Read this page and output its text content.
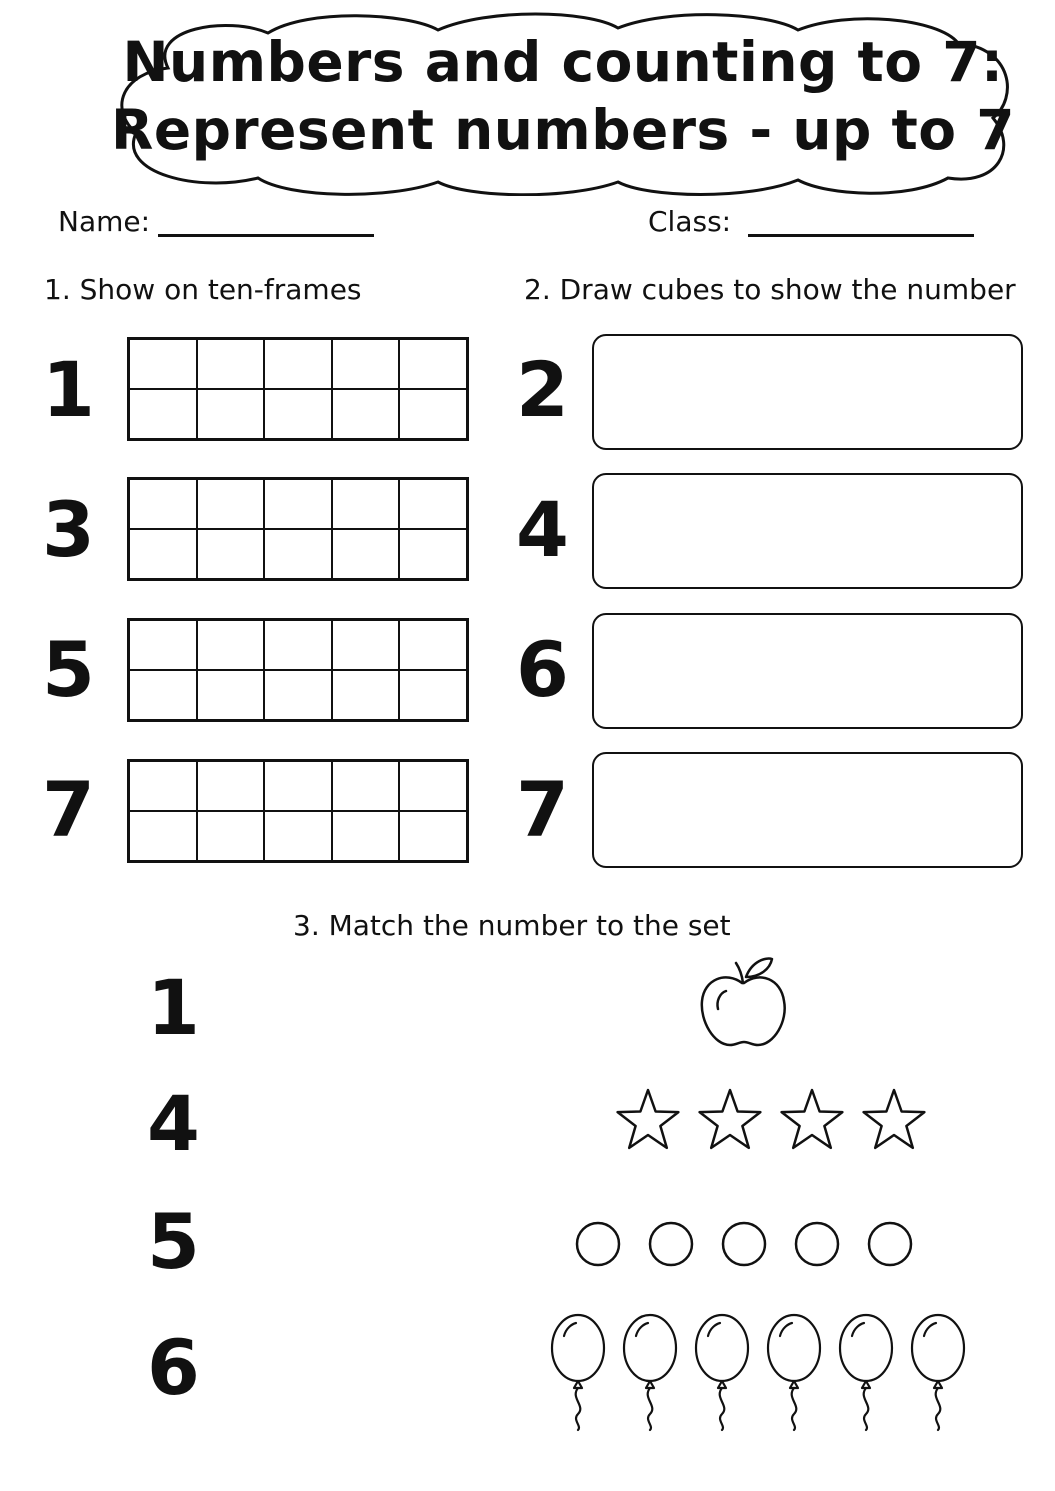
Numbers and counting to 7:
Represent numbers - up to 7
Name:	Class:
1. Show on ten-frames	2. Draw cubes to show the number
1
3
5
7
2
4
6
7
3. Match the number to the set
1
4
5
6
